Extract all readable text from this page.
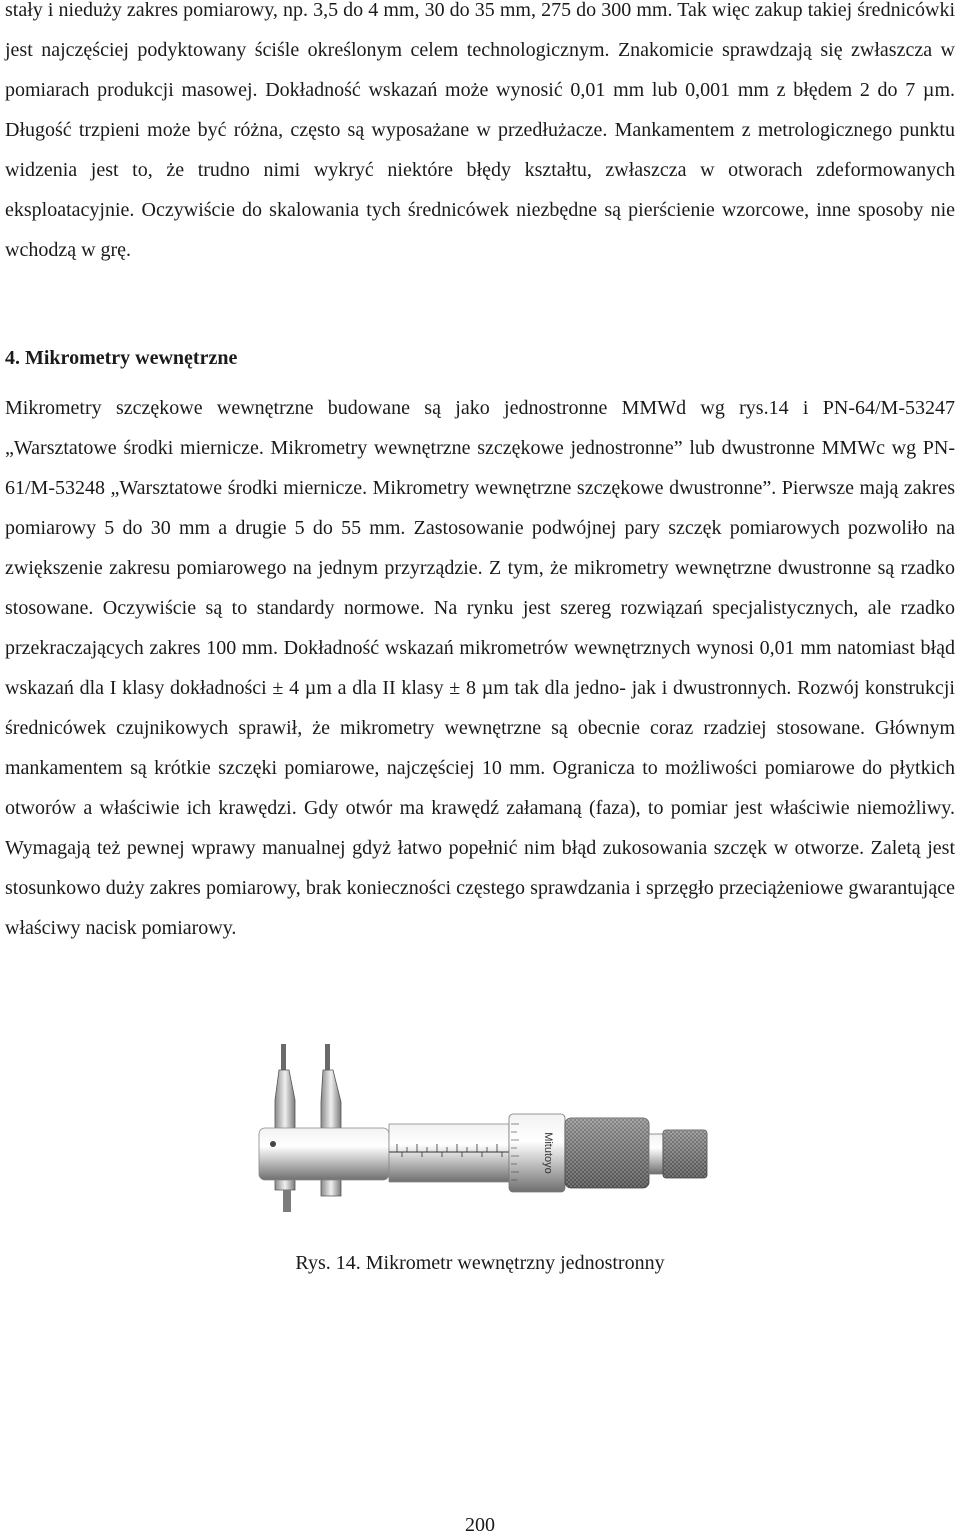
stały i niedużу zakres pomiarowy, np. 3,5 do 4 mm, 30 do 35 mm, 275 do 300 mm. Tak więc zakup takiej średnicówki jest najczęściej podyktowany ściśle określonym celem technologicznym. Znakomicie sprawdzają się zwłaszcza w pomiarach produkcji masowej. Dokładność wskazań może wynosić 0,01 mm lub 0,001 mm z błędem 2 do 7 µm. Długość trzpieni może być różna, często są wyposażane w przedłużacze. Mankamentem z metrologicznego punktu widzenia jest to, że trudno nimi wykryć niektóre błędy kształtu, zwłaszcza w otworach zdeformowanych eksploatacyjnie. Oczywiście do skalowania tych średnicówek niezbędne są pierścienie wzorcowe, inne sposoby nie wchodzą w grę.

4. Mikrometry wewnętrzne

Mikrometry szczękowe wewnętrzne budowane są jako jednostronne MMWd wg rys.14 i PN-64/M-53247 „Warsztatowe środki miernicze. Mikrometry wewnętrzne szczękowe jednostronne” lub dwustronne MMWc wg PN-61/M-53248 „Warsztatowe środki miernicze. Mikrometry wewnętrzne szczękowe dwustronne”. Pierwsze mają zakres pomiarowy 5 do 30 mm a drugie 5 do 55 mm. Zastosowanie podwójnej pary szczęk pomiarowych pozwoliło na zwiększenie zakresu pomiarowego na jednym przyrządzie. Z tym, że mikrometry wewnętrzne dwustronne są rzadko stosowane. Oczywiście są to standardy normowe. Na rynku jest szereg rozwiązań specjalistycznych, ale rzadko przekraczających zakres 100 mm. Dokładność wskazań mikrometrów wewnętrznych wynosi 0,01 mm natomiast błąd wskazań dla I klasy dokładności ± 4 µm a dla II klasy ± 8 µm tak dla jedno- jak i dwustronnych. Rozwój konstrukcji średnicówek czujnikowych sprawił, że mikrometry wewnętrzne są obecnie coraz rzadziej stosowane. Głównym mankamentem są krótkie szczęki pomiarowe, najczęściej 10 mm. Ogranicza to możliwości pomiarowe do płytkich otworów a właściwie ich krawędzi. Gdy otwór ma krawędź załamaną (faza), to pomiar jest właściwie niemożliwy. Wymagają też pewnej wprawy manualnej gdyż łatwo popełnić nim błąd zukosowania szczęk w otworze. Zaletą jest stosunkowo duży zakres pomiarowy, brak konieczności częstego sprawdzania i sprzęgło przeciążeniowe gwarantujące właściwy nacisk pomiarowy.

Mitutoyo
Rys. 14. Mikrometr wewnętrzny jednostronny
200
